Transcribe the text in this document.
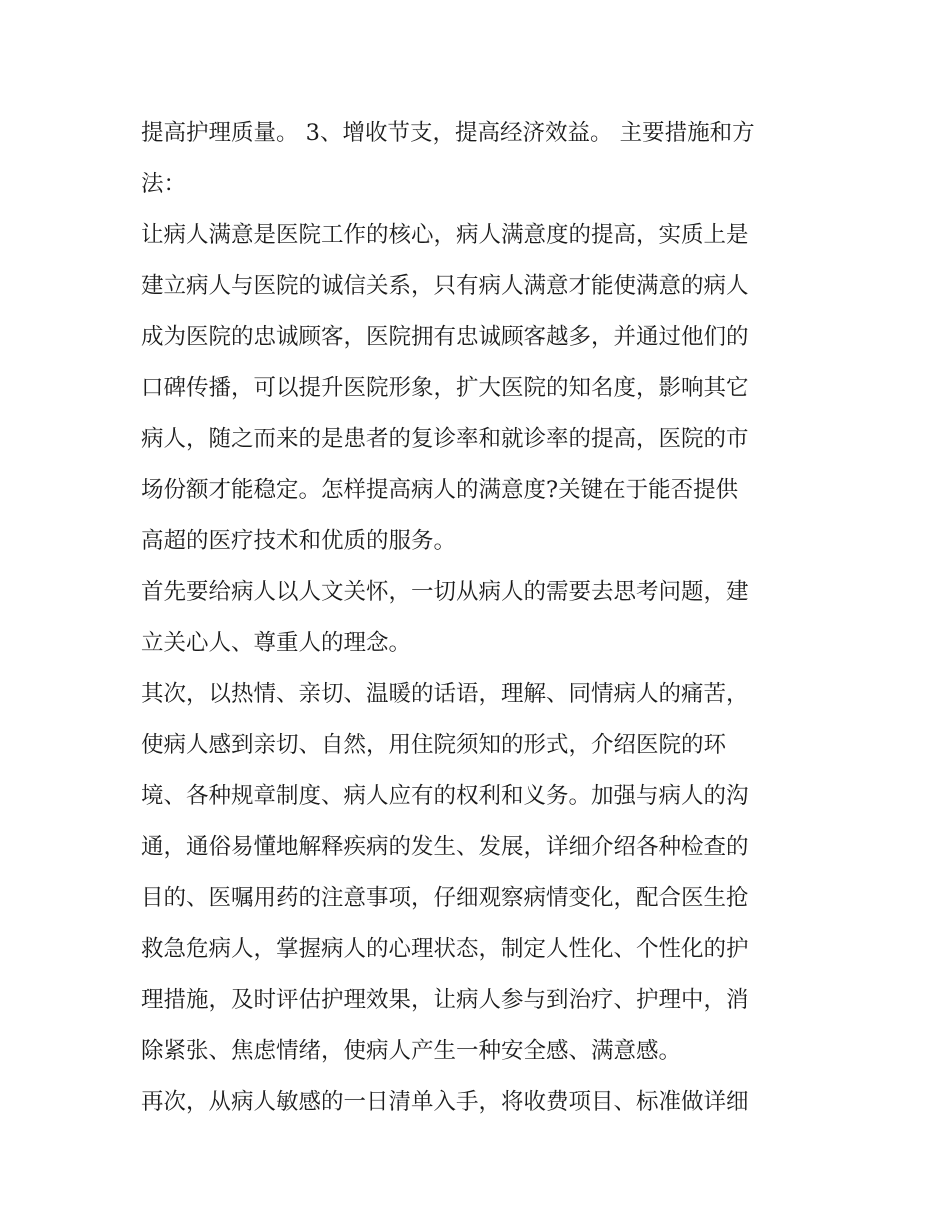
提高护理质量。 3、增收节支，提高经济效益。 主要措施和方
法：
让病人满意是医院工作的核心，病人满意度的提高，实质上是
建立病人与医院的诚信关系，只有病人满意才能使满意的病人
成为医院的忠诚顾客，医院拥有忠诚顾客越多，并通过他们的
口碑传播，可以提升医院形象，扩大医院的知名度，影响其它
病人，随之而来的是患者的复诊率和就诊率的提高，医院的市
场份额才能稳定。怎样提高病人的满意度?关键在于能否提供
高超的医疗技术和优质的服务。
首先要给病人以人文关怀，一切从病人的需要去思考问题，建
立关心人、尊重人的理念。
其次，以热情、亲切、温暖的话语，理解、同情病人的痛苦，
使病人感到亲切、自然，用住院须知的形式，介绍医院的环
境、各种规章制度、病人应有的权利和义务。加强与病人的沟
通，通俗易懂地解释疾病的发生、发展，详细介绍各种检查的
目的、医嘱用药的注意事项，仔细观察病情变化，配合医生抢
救急危病人，掌握病人的心理状态，制定人性化、个性化的护
理措施，及时评估护理效果，让病人参与到治疗、护理中，消
除紧张、焦虑情绪，使病人产生一种安全感、满意感。
再次，从病人敏感的一日清单入手，将收费项目、标准做详细
